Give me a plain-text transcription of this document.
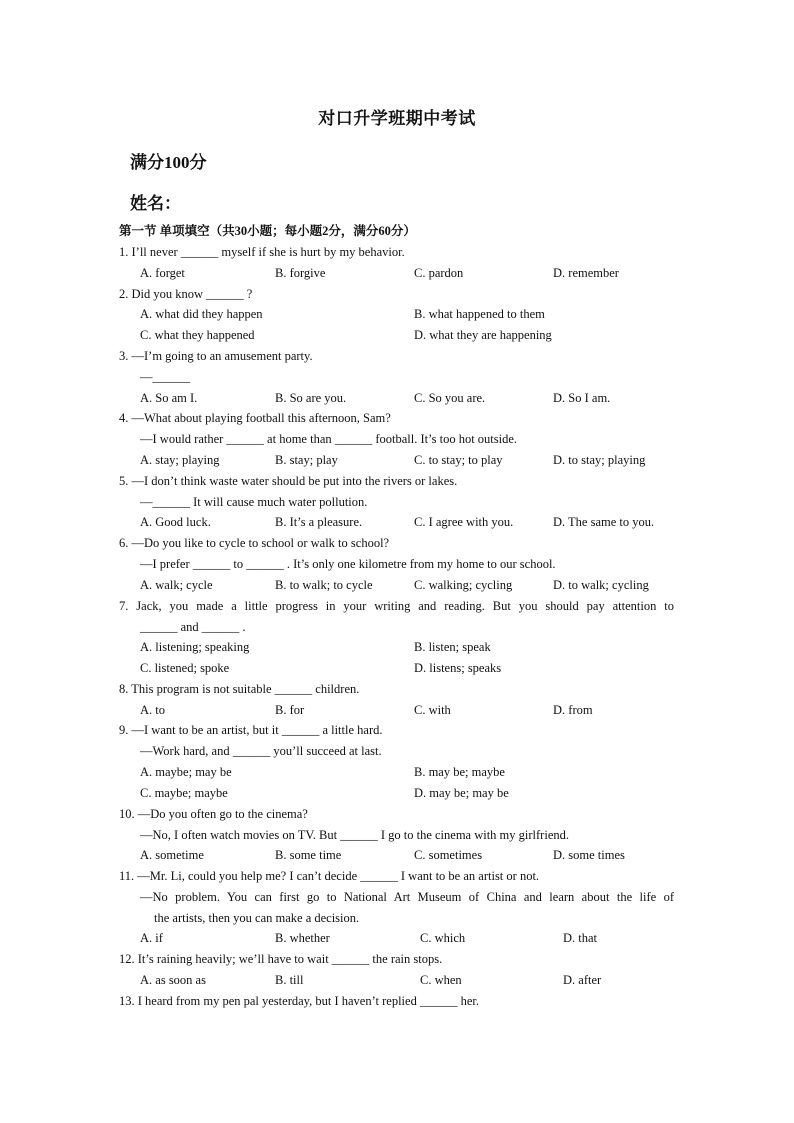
对口升学班期中考试
满分100分
姓名：
第一节 单项填空（共30小题；每小题2分，满分60分）
1. I’ll never ______ myself if she is hurt by my behavior.
A. forget	B. forgive	C. pardon	D. remember
2. Did you know ______ ?
A. what did they happen	B. what happened to them
C. what they happened	D. what they are happening
3. —I’m going to an amusement party.
—______
A. So am I.	B. So are you.	C. So you are.	D. So I am.
4. —What about playing football this afternoon, Sam?
—I would rather ______ at home than ______ football. It’s too hot outside.
A. stay; playing	B. stay; play	C. to stay; to play	D. to stay; playing
5. —I don’t think waste water should be put into the rivers or lakes.
—______ It will cause much water pollution.
A. Good luck.	B. It’s a pleasure.	C. I agree with you.	D. The same to you.
6. —Do you like to cycle to school or walk to school?
—I prefer ______ to ______ . It’s only one kilometre from my home to our school.
A. walk; cycle	B. to walk; to cycle	C. walking; cycling	D. to walk; cycling
7. Jack, you made a little progress in your writing and reading. But you should pay attention to
______ and ______ .
A. listening; speaking	B. listen; speak
C. listened; spoke	D. listens; speaks
8. This program is not suitable ______ children.
A. to	B. for	C. with	D. from
9. —I want to be an artist, but it ______ a little hard.
—Work hard, and ______ you’ll succeed at last.
A. maybe; may be	B. may be; maybe
C. maybe; maybe	D. may be; may be
10. —Do you often go to the cinema?
—No, I often watch movies on TV. But ______ I go to the cinema with my girlfriend.
A. sometime	B. some time	C. sometimes	D. some times
11. —Mr. Li, could you help me? I can’t decide ______ I want to be an artist or not.
—No problem. You can first go to National Art Museum of China and learn about the life of
the artists, then you can make a decision.
A. if	B. whether	C. which	D. that
12. It’s raining heavily; we’ll have to wait ______ the rain stops.
A. as soon as	B. till	C. when	D. after
13. I heard from my pen pal yesterday, but I haven’t replied ______ her.
